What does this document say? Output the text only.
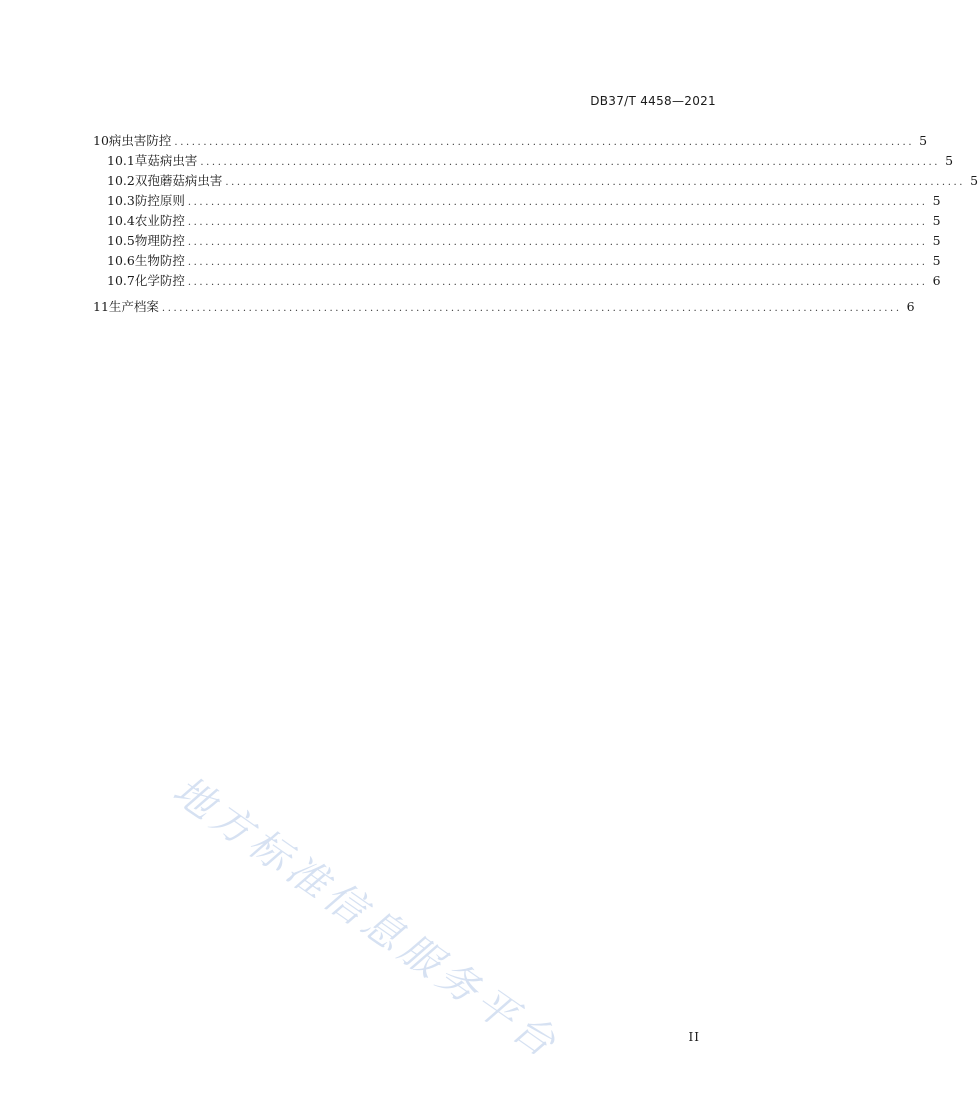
DB37/T 4458—2021
10 病虫害防控 ................................................................................................................................ 5
10.1 草菇病虫害 ................................................................................................................................ 5
10.2 双孢蘑菇病虫害 ................................................................................................................................ 5
10.3 防控原则 ................................................................................................................................ 5
10.4 农业防控 ................................................................................................................................ 5
10.5 物理防控 ................................................................................................................................ 5
10.6 生物防控 ................................................................................................................................ 5
10.7 化学防控 ................................................................................................................................ 6
11 生产档案 ................................................................................................................................ 6
地方标准信息服务平台	II
